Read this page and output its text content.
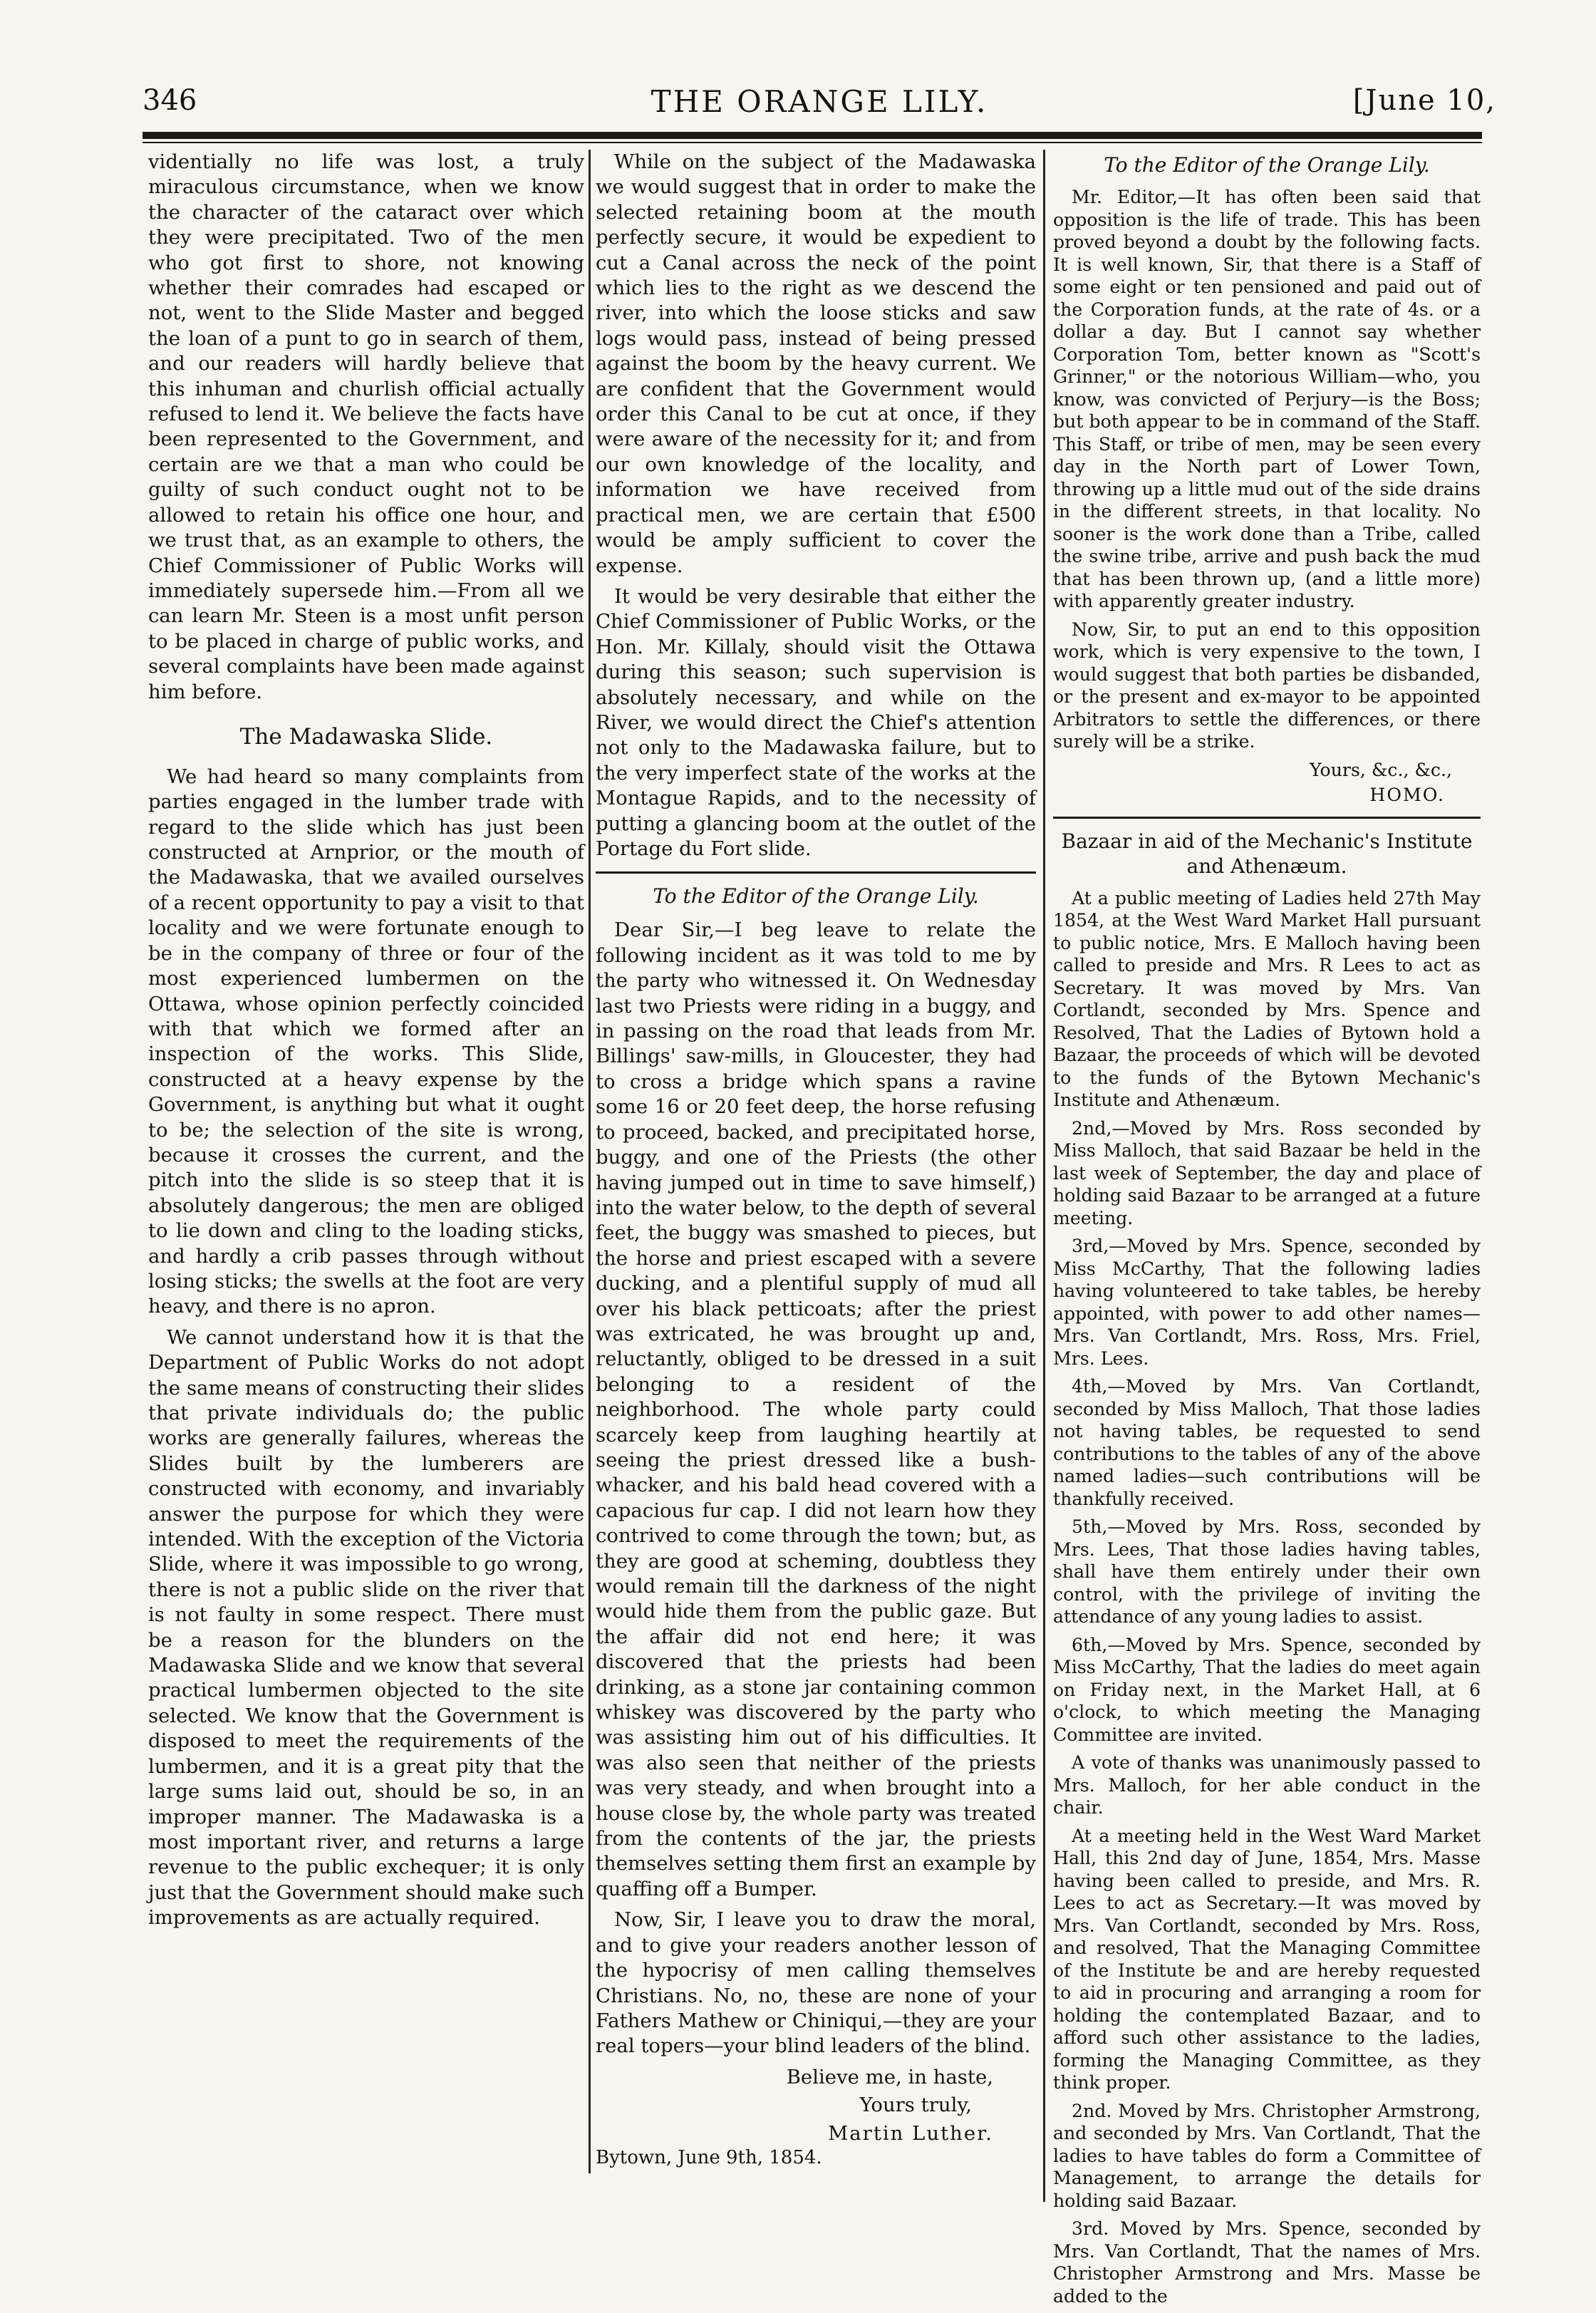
346	THE ORANGE LILY.	[June 10,

videntially no life was lost, a truly miraculous circumstance, when we know the character of the cataract over which they were precipitated. Two of the men who got first to shore, not knowing whether their comrades had escaped or not, went to the Slide Master and begged the loan of a punt to go in search of them, and our readers will hardly believe that this inhuman and churlish official actually refused to lend it. We believe the facts have been represented to the Government, and certain are we that a man who could be guilty of such conduct ought not to be allowed to retain his office one hour, and we trust that, as an example to others, the Chief Commissioner of Public Works will immediately supersede him.—From all we can learn Mr. Steen is a most unfit person to be placed in charge of public works, and several complaints have been made against him before.

The Madawaska Slide.

We had heard so many complaints from parties engaged in the lumber trade with regard to the slide which has just been constructed at Arnprior, or the mouth of the Madawaska, that we availed ourselves of a recent opportunity to pay a visit to that locality and we were fortunate enough to be in the company of three or four of the most experienced lumbermen on the Ottawa, whose opinion perfectly coincided with that which we formed after an inspection of the works. This Slide, constructed at a heavy expense by the Government, is anything but what it ought to be; the selection of the site is wrong, because it crosses the current, and the pitch into the slide is so steep that it is absolutely dangerous; the men are obliged to lie down and cling to the loading sticks, and hardly a crib passes through without losing sticks; the swells at the foot are very heavy, and there is no apron.

We cannot understand how it is that the Department of Public Works do not adopt the same means of constructing their slides that private individuals do; the public works are generally failures, whereas the Slides built by the lumberers are constructed with economy, and invariably answer the purpose for which they were intended. With the exception of the Victoria Slide, where it was impossible to go wrong, there is not a public slide on the river that is not faulty in some respect. There must be a reason for the blunders on the Madawaska Slide and we know that several practical lumbermen objected to the site selected. We know that the Government is disposed to meet the requirements of the lumbermen, and it is a great pity that the large sums laid out, should be so, in an improper manner. The Madawaska is a most important river, and returns a large revenue to the public exchequer; it is only just that the Government should make such improvements as are actually required.

While on the subject of the Madawaska we would suggest that in order to make the selected retaining boom at the mouth perfectly secure, it would be expedient to cut a Canal across the neck of the point which lies to the right as we descend the river, into which the loose sticks and saw logs would pass, instead of being pressed against the boom by the heavy current. We are confident that the Government would order this Canal to be cut at once, if they were aware of the necessity for it; and from our own knowledge of the locality, and information we have received from practical men, we are certain that £500 would be amply sufficient to cover the expense.

It would be very desirable that either the Chief Commissioner of Public Works, or the Hon. Mr. Killaly, should visit the Ottawa during this season; such supervision is absolutely necessary, and while on the River, we would direct the Chief's attention not only to the Madawaska failure, but to the very imperfect state of the works at the Montague Rapids, and to the necessity of putting a glancing boom at the outlet of the Portage du Fort slide.

To the Editor of the Orange Lily.

Dear Sir,—I beg leave to relate the following incident as it was told to me by the party who witnessed it. On Wednesday last two Priests were riding in a buggy, and in passing on the road that leads from Mr. Billings' saw-mills, in Gloucester, they had to cross a bridge which spans a ravine some 16 or 20 feet deep, the horse refusing to proceed, backed, and precipitated horse, buggy, and one of the Priests (the other having jumped out in time to save himself,) into the water below, to the depth of several feet, the buggy was smashed to pieces, but the horse and priest escaped with a severe ducking, and a plentiful supply of mud all over his black petticoats; after the priest was extricated, he was brought up and, reluctantly, obliged to be dressed in a suit belonging to a resident of the neighborhood. The whole party could scarcely keep from laughing heartily at seeing the priest dressed like a bush-whacker, and his bald head covered with a capacious fur cap. I did not learn how they contrived to come through the town; but, as they are good at scheming, doubtless they would remain till the darkness of the night would hide them from the public gaze. But the affair did not end here; it was discovered that the priests had been drinking, as a stone jar containing common whiskey was discovered by the party who was assisting him out of his difficulties. It was also seen that neither of the priests was very steady, and when brought into a house close by, the whole party was treated from the contents of the jar, the priests themselves setting them first an example by quaffing off a Bumper.

Now, Sir, I leave you to draw the moral, and to give your readers another lesson of the hypocrisy of men calling themselves Christians. No, no, these are none of your Fathers Mathew or Chiniqui,—they are your real topers—your blind leaders of the blind.

Believe me, in haste,
Yours truly,
Martin Luther.
Bytown, June 9th, 1854.
To the Editor of the Orange Lily.

Mr. Editor,—It has often been said that opposition is the life of trade. This has been proved beyond a doubt by the following facts. It is well known, Sir, that there is a Staff of some eight or ten pensioned and paid out of the Corporation funds, at the rate of 4s. or a dollar a day. But I cannot say whether Corporation Tom, better known as "Scott's Grinner," or the notorious William—who, you know, was convicted of Perjury—is the Boss; but both appear to be in command of the Staff. This Staff, or tribe of men, may be seen every day in the North part of Lower Town, throwing up a little mud out of the side drains in the different streets, in that locality. No sooner is the work done than a Tribe, called the swine tribe, arrive and push back the mud that has been thrown up, (and a little more) with apparently greater industry.

Now, Sir, to put an end to this opposition work, which is very expensive to the town, I would suggest that both parties be disbanded, or the present and ex-mayor to be appointed Arbitrators to settle the differences, or there surely will be a strike.

Yours, &c., &c.,
HOMO.
Bazaar in aid of the Mechanic's Institute and Athenæum.

At a public meeting of Ladies held 27th May 1854, at the West Ward Market Hall pursuant to public notice, Mrs. E Malloch having been called to preside and Mrs. R Lees to act as Secretary. It was moved by Mrs. Van Cortlandt, seconded by Mrs. Spence and Resolved, That the Ladies of Bytown hold a Bazaar, the proceeds of which will be devoted to the funds of the Bytown Mechanic's Institute and Athenæum.

2nd,—Moved by Mrs. Ross seconded by Miss Malloch, that said Bazaar be held in the last week of September, the day and place of holding said Bazaar to be arranged at a future meeting.

3rd,—Moved by Mrs. Spence, seconded by Miss McCarthy, That the following ladies having volunteered to take tables, be hereby appointed, with power to add other names—Mrs. Van Cortlandt, Mrs. Ross, Mrs. Friel, Mrs. Lees.

4th,—Moved by Mrs. Van Cortlandt, seconded by Miss Malloch, That those ladies not having tables, be requested to send contributions to the tables of any of the above named ladies—such contributions will be thankfully received.

5th,—Moved by Mrs. Ross, seconded by Mrs. Lees, That those ladies having tables, shall have them entirely under their own control, with the privilege of inviting the attendance of any young ladies to assist.

6th,—Moved by Mrs. Spence, seconded by Miss McCarthy, That the ladies do meet again on Friday next, in the Market Hall, at 6 o'clock, to which meeting the Managing Committee are invited.

A vote of thanks was unanimously passed to Mrs. Malloch, for her able conduct in the chair.

At a meeting held in the West Ward Market Hall, this 2nd day of June, 1854, Mrs. Masse having been called to preside, and Mrs. R. Lees to act as Secretary.—It was moved by Mrs. Van Cortlandt, seconded by Mrs. Ross, and resolved, That the Managing Committee of the Institute be and are hereby requested to aid in procuring and arranging a room for holding the contemplated Bazaar, and to afford such other assistance to the ladies, forming the Managing Committee, as they think proper.

2nd. Moved by Mrs. Christopher Armstrong, and seconded by Mrs. Van Cortlandt, That the ladies to have tables do form a Committee of Management, to arrange the details for holding said Bazaar.

3rd. Moved by Mrs. Spence, seconded by Mrs. Van Cortlandt, That the names of Mrs. Christopher Armstrong and Mrs. Masse be added to the
